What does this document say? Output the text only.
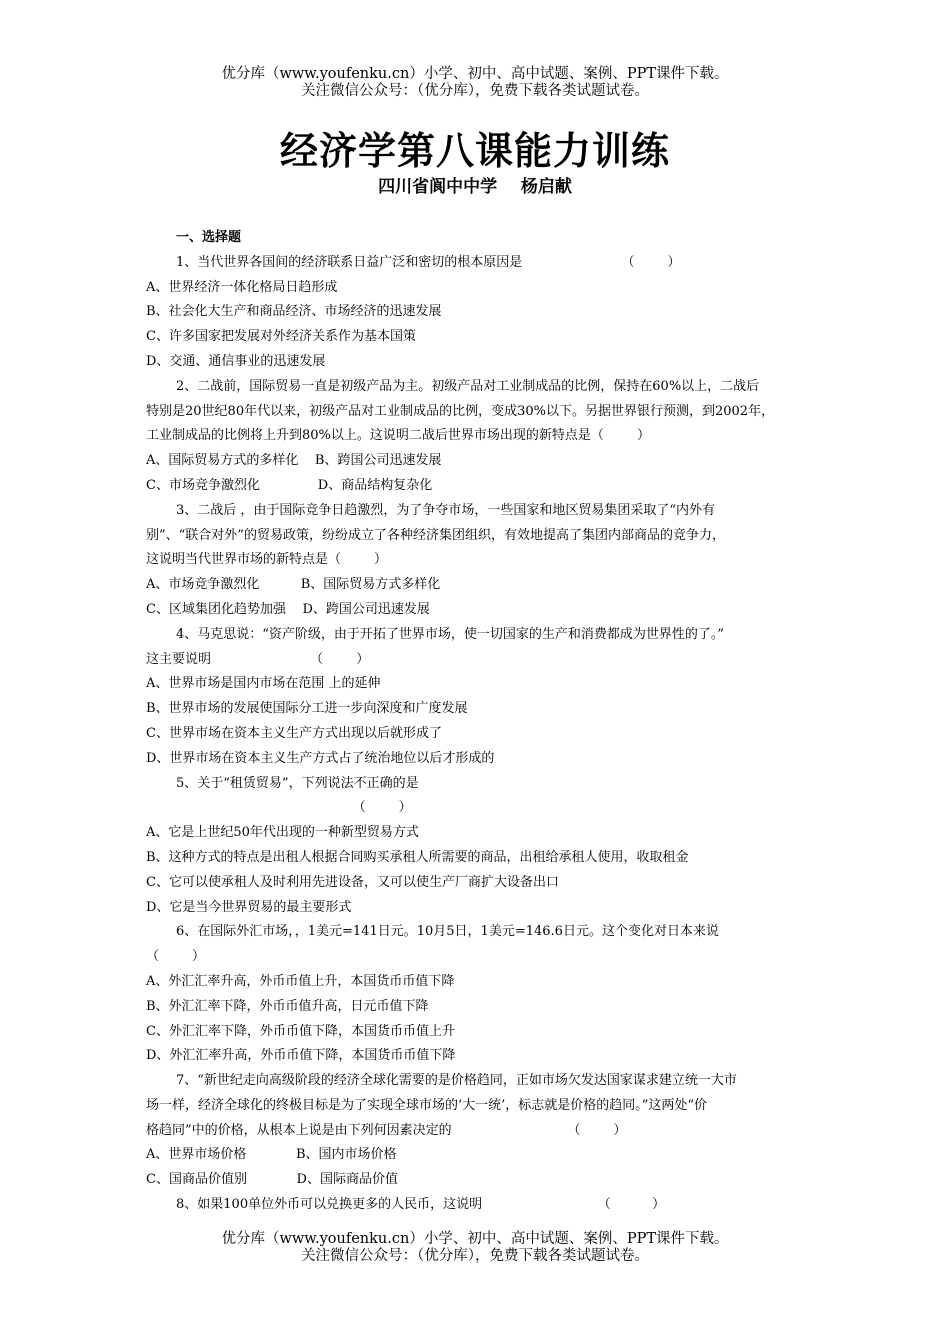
优分库（www.youfenku.cn）小学、初中、高中试题、案例、PPT课件下载。
关注微信公众号：（优分库），免费下载各类试题试卷。
经济学第八课能力训练
四川省阆中中学    杨启献
一、选择题
1、当代世界各国间的经济联系日益广泛和密切的根本原因是                        （        ）
A、世界经济一体化格局日趋形成
B、社会化大生产和商品经济、市场经济的迅速发展
C、许多国家把发展对外经济关系作为基本国策
D、交通、通信事业的迅速发展
2、二战前，国际贸易一直是初级产品为主。初级产品对工业制成品的比例，保持在60%以上，二战后
特别是20世纪80年代以来，初级产品对工业制成品的比例，变成30%以下。另据世界银行预测，到2002年，
工业制成品的比例将上升到80%以上。这说明二战后世界市场出现的新特点是（        ）
A、国际贸易方式的多样化    B、跨国公司迅速发展
C、市场竞争激烈化              D、商品结构复杂化
3、二战后 ，由于国际竞争日趋激烈，为了争夺市场，一些国家和地区贸易集团采取了“内外有
别”、“联合对外”的贸易政策，纷纷成立了各种经济集团组织，有效地提高了集团内部商品的竞争力，
这说明当代世界市场的新特点是（        ）
A、市场竞争激烈化          B、国际贸易方式多样化
C、区域集团化趋势加强    D、跨国公司迅速发展
4、马克思说：“资产阶级，由于开拓了世界市场，使一切国家的生产和消费都成为世界性的了。”
这主要说明                        （        ）
A、世界市场是国内市场在范围 上的延伸
B、世界市场的发展使国际分工进一步向深度和广度发展
C、世界市场在资本主义生产方式出现以后就形成了
D、世界市场在资本主义生产方式占了统治地位以后才形成的
5、关于“租赁贸易”，下列说法不正确的是
（        ）
A、它是上世纪50年代出现的一种新型贸易方式
B、这种方式的特点是出租人根据合同购买承租人所需要的商品，出租给承租人使用，收取租金
C、它可以使承租人及时利用先进设备，又可以使生产厂商扩大设备出口
D、它是当今世界贸易的最主要形式
6、在国际外汇市场，，1美元=141日元。10月5日，1美元=146.6日元。这个变化对日本来说
（        ）
A、外汇汇率升高，外币币值上升，本国货币币值下降
B、外汇汇率下降，外币币值升高，日元币值下降
C、外汇汇率下降，外币币值下降，本国货币币值上升
D、外汇汇率升高，外币币值下降，本国货币币值下降
7、“新世纪走向高级阶段的经济全球化需要的是价格趋同，正如市场欠发达国家谋求建立统一大市
场一样，经济全球化的终极目标是为了实现全球市场的‘大一统’，标志就是价格的趋同。”这两处“价
格趋同”中的价格，从根本上说是由下列何因素决定的                            （        ）
A、世界市场价格            B、国内市场价格
C、国商品价值别            D、国际商品价值
8、如果100单位外币可以兑换更多的人民币，这说明                            （          ）
优分库（www.youfenku.cn）小学、初中、高中试题、案例、PPT课件下载。
关注微信公众号：（优分库），免费下载各类试题试卷。
